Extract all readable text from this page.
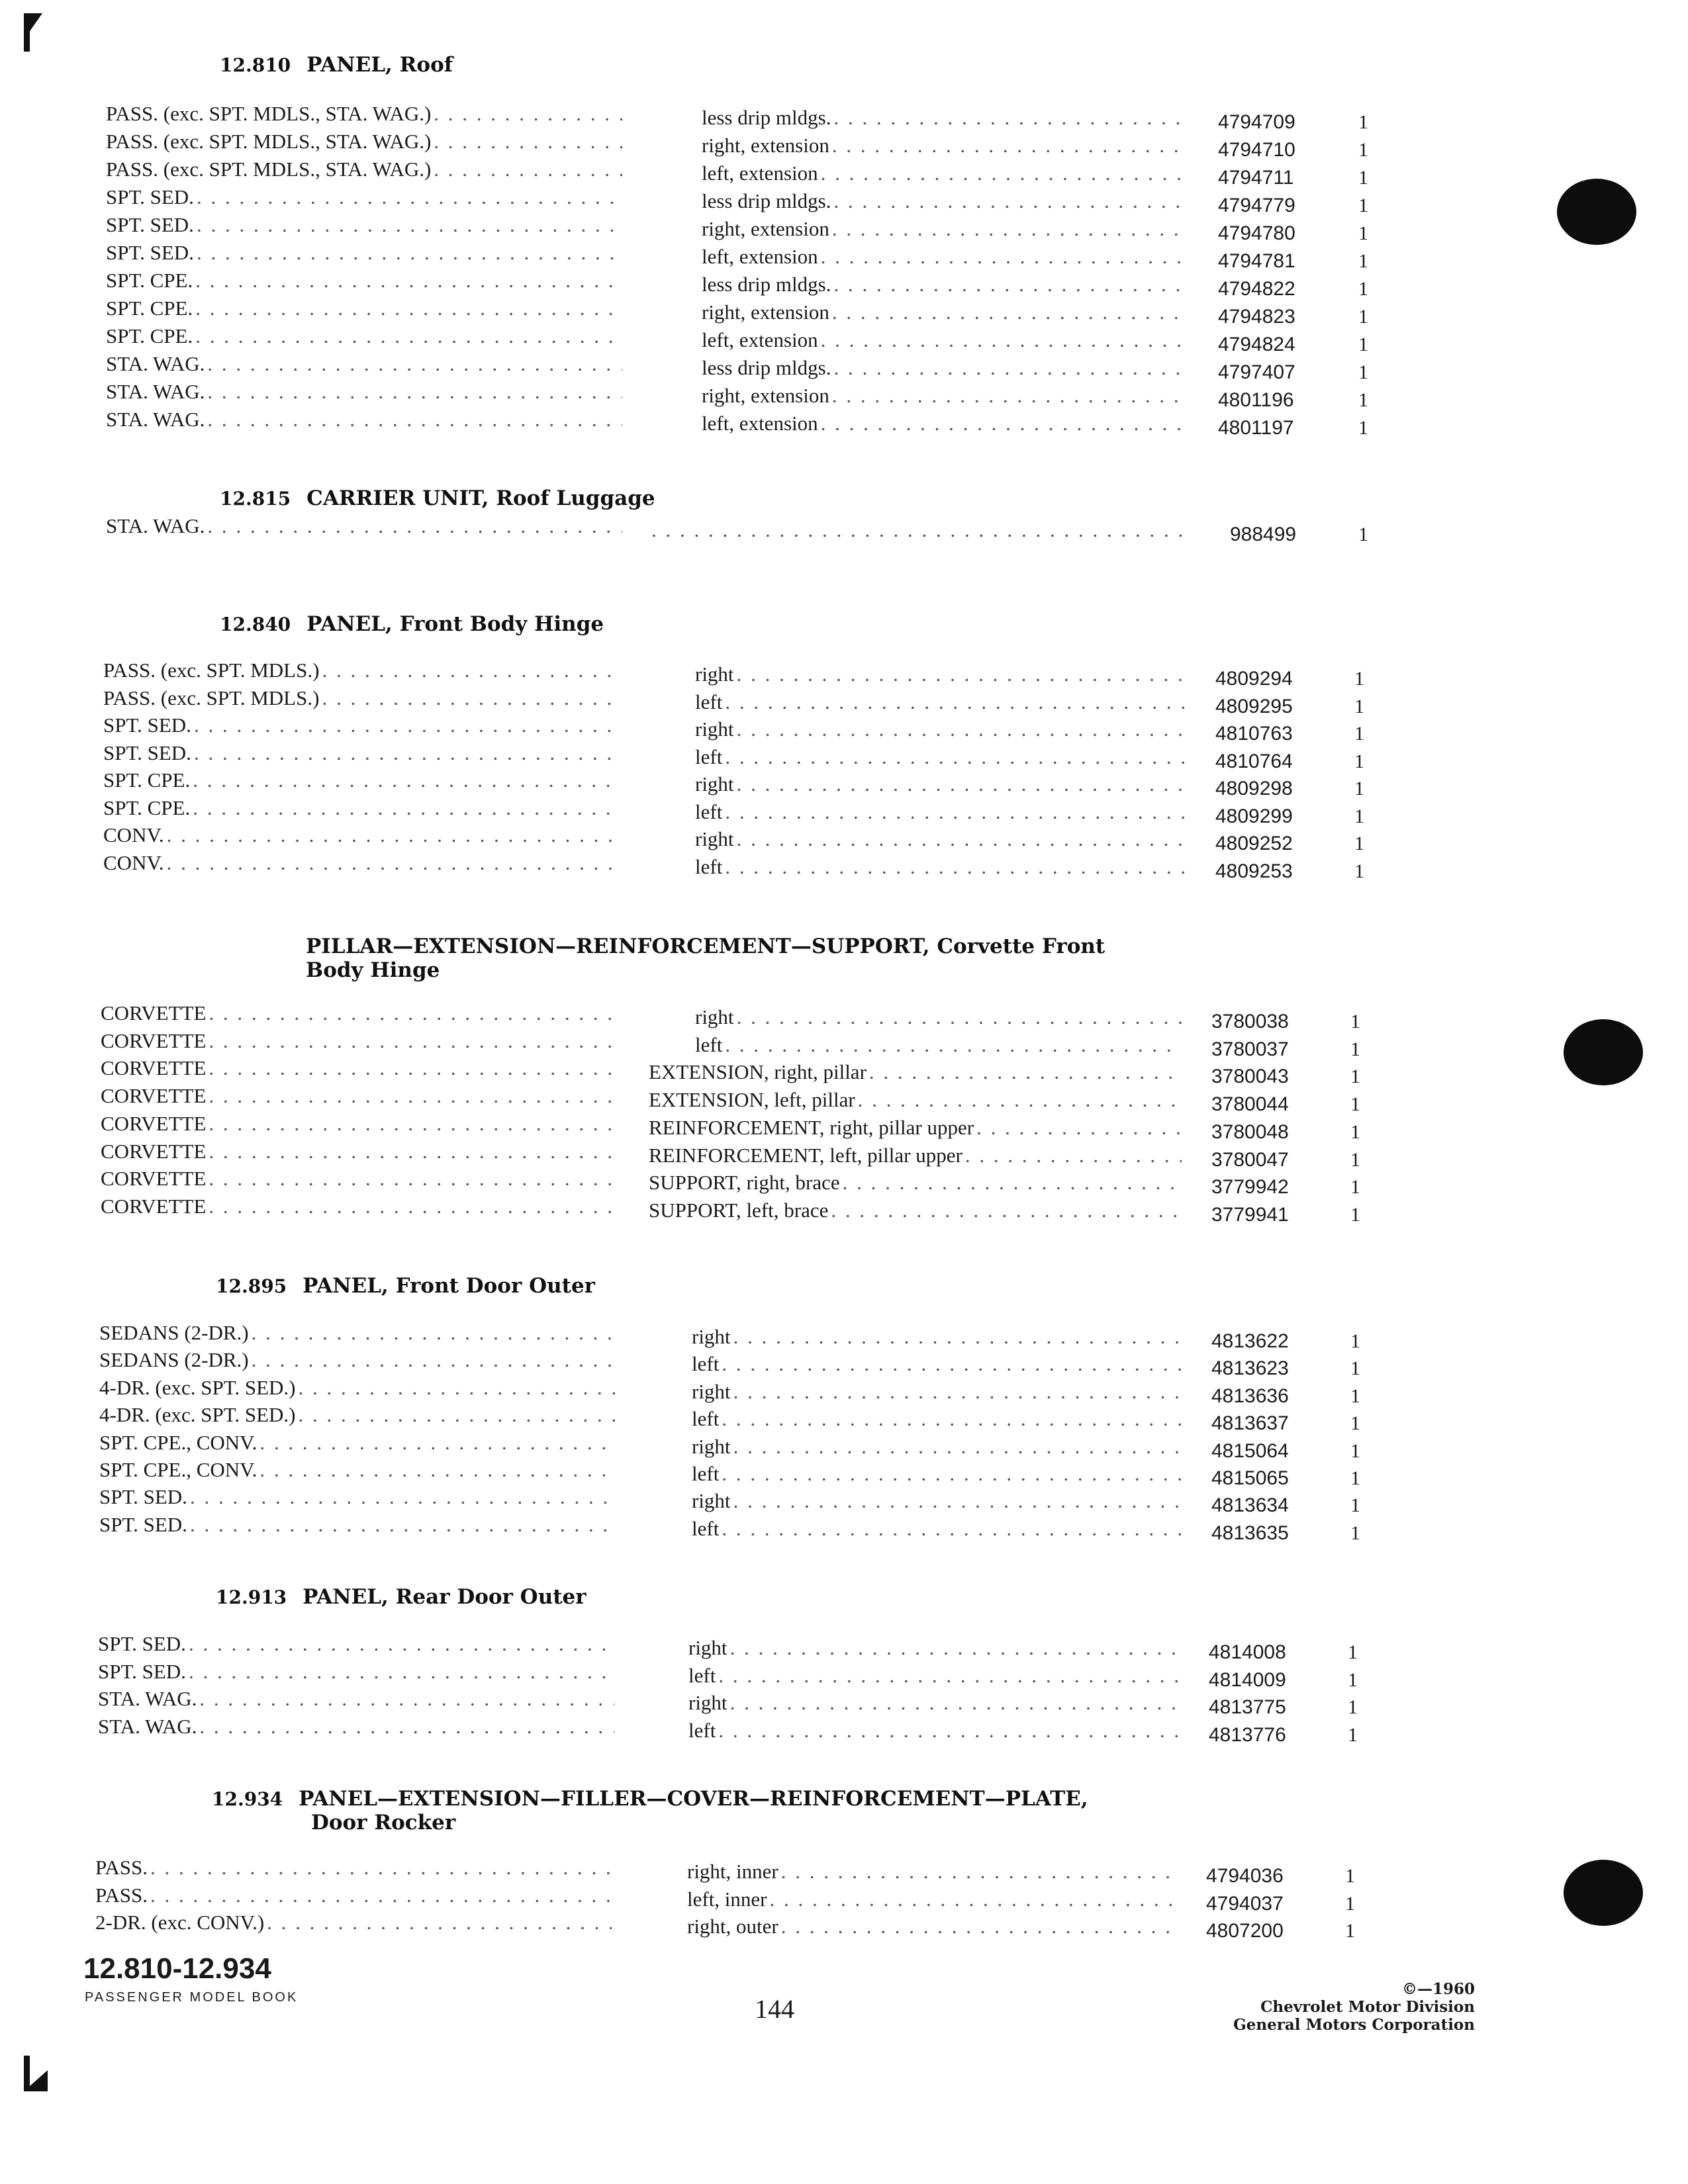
12.810 PANEL, Roof
PASS. (exc. SPT. MDLS., STA. WAG.) . . .	less drip mldgs. . . .	4794709	1
PASS. (exc. SPT. MDLS., STA. WAG.) . . .	right, extension . . .	4794710	1
PASS. (exc. SPT. MDLS., STA. WAG.) . . .	left, extension . . .	4794711	1
SPT. SED. . . .	less drip mldgs. . . .	4794779	1
SPT. SED. . . .	right, extension . . .	4794780	1
SPT. SED. . . .	left, extension . . .	4794781	1
SPT. CPE. . . .	less drip mldgs. . . .	4794822	1
SPT. CPE. . . .	right, extension . . .	4794823	1
SPT. CPE. . . .	left, extension . . .	4794824	1
STA. WAG. . . .	less drip mldgs. . . .	4797407	1
STA. WAG. . . .	right, extension . . .	4801196	1
STA. WAG. . . .	left, extension . . .	4801197	1
12.815 CARRIER UNIT, Roof Luggage
STA. WAG. . . . . . .	988499	1
12.840 PANEL, Front Body Hinge
PASS. (exc. SPT. MDLS.) . . .	right . . .	4809294	1
PASS. (exc. SPT. MDLS.) . . .	left . . .	4809295	1
SPT. SED. . . .	right . . .	4810763	1
SPT. SED. . . .	left . . .	4810764	1
SPT. CPE. . . .	right . . .	4809298	1
SPT. CPE. . . .	left . . .	4809299	1
CONV. . . .	right . . .	4809252	1
CONV. . . .	left . . .	4809253	1
PILLAR—EXTENSION—REINFORCEMENT—SUPPORT, Corvette Front
Body Hinge
CORVETTE . . .	right . . .	3780038	1
CORVETTE . . .	left . . .	3780037	1
CORVETTE . . .	EXTENSION, right, pillar . . .	3780043	1
CORVETTE . . .	EXTENSION, left, pillar . . .	3780044	1
CORVETTE . . .	REINFORCEMENT, right, pillar upper . . .	3780048	1
CORVETTE . . .	REINFORCEMENT, left, pillar upper . . .	3780047	1
CORVETTE . . .	SUPPORT, right, brace . . .	3779942	1
CORVETTE . . .	SUPPORT, left, brace . . .	3779941	1
12.895 PANEL, Front Door Outer
SEDANS (2-DR.) . . .	right . . .	4813622	1
SEDANS (2-DR.) . . .	left . . .	4813623	1
4-DR. (exc. SPT. SED.) . . .	right . . .	4813636	1
4-DR. (exc. SPT. SED.) . . .	left . . .	4813637	1
SPT. CPE., CONV. . . .	right . . .	4815064	1
SPT. CPE., CONV. . . .	left . . .	4815065	1
SPT. SED. . . .	right . . .	4813634	1
SPT. SED. . . .	left . . .	4813635	1
12.913 PANEL, Rear Door Outer
SPT. SED. . . .	right . . .	4814008	1
SPT. SED. . . .	left . . .	4814009	1
STA. WAG. . . .	right . . .	4813775	1
STA. WAG. . . .	left . . .	4813776	1
12.934 PANEL—EXTENSION—FILLER—COVER—REINFORCEMENT—PLATE,
Door Rocker
PASS. . . .	right, inner . . .	4794036	1
PASS. . . .	left, inner . . .	4794037	1
2-DR. (exc. CONV.) . . .	right, outer . . .	4807200	1
12.810-12.934
PASSENGER MODEL BOOK	144
©—1960
Chevrolet Motor Division
General Motors Corporation
